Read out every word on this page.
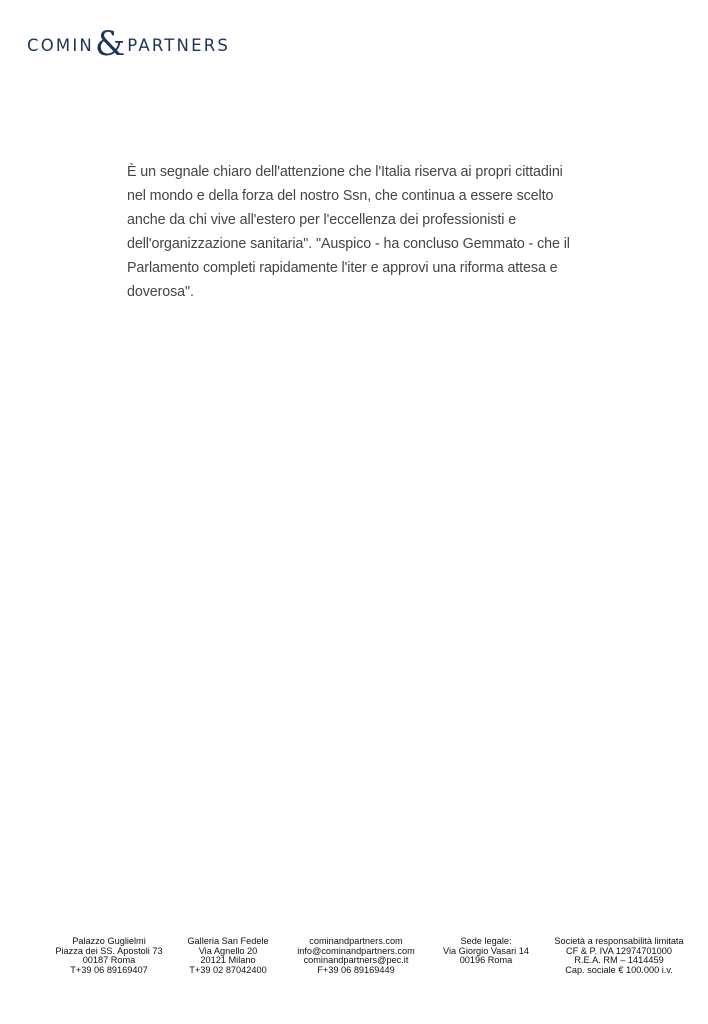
COMIN & PARTNERS

È un segnale chiaro dell'attenzione che l'Italia riserva ai propri cittadini
nel mondo e della forza del nostro Ssn, che continua a essere scelto
anche da chi vive all'estero per l'eccellenza dei professionisti e
dell'organizzazione sanitaria". "Auspico - ha concluso Gemmato - che il
Parlamento completi rapidamente l'iter e approvi una riforma attesa e
doverosa".

Palazzo Guglielmi
Piazza dei SS. Apostoli 73
00187 Roma
T+39 06 89169407
Galleria San Fedele
Via Agnello 20
20121 Milano
T+39 02 87042400
cominandpartners.com
info@cominandpartners.com
cominandpartners@pec.it
F+39 06 89169449
Sede legale:
Via Giorgio Vasari 14
00196 Roma
Società a responsabilità limitata
CF & P. IVA 12974701000
R.E.A. RM – 1414459
Cap. sociale € 100.000 i.v.
